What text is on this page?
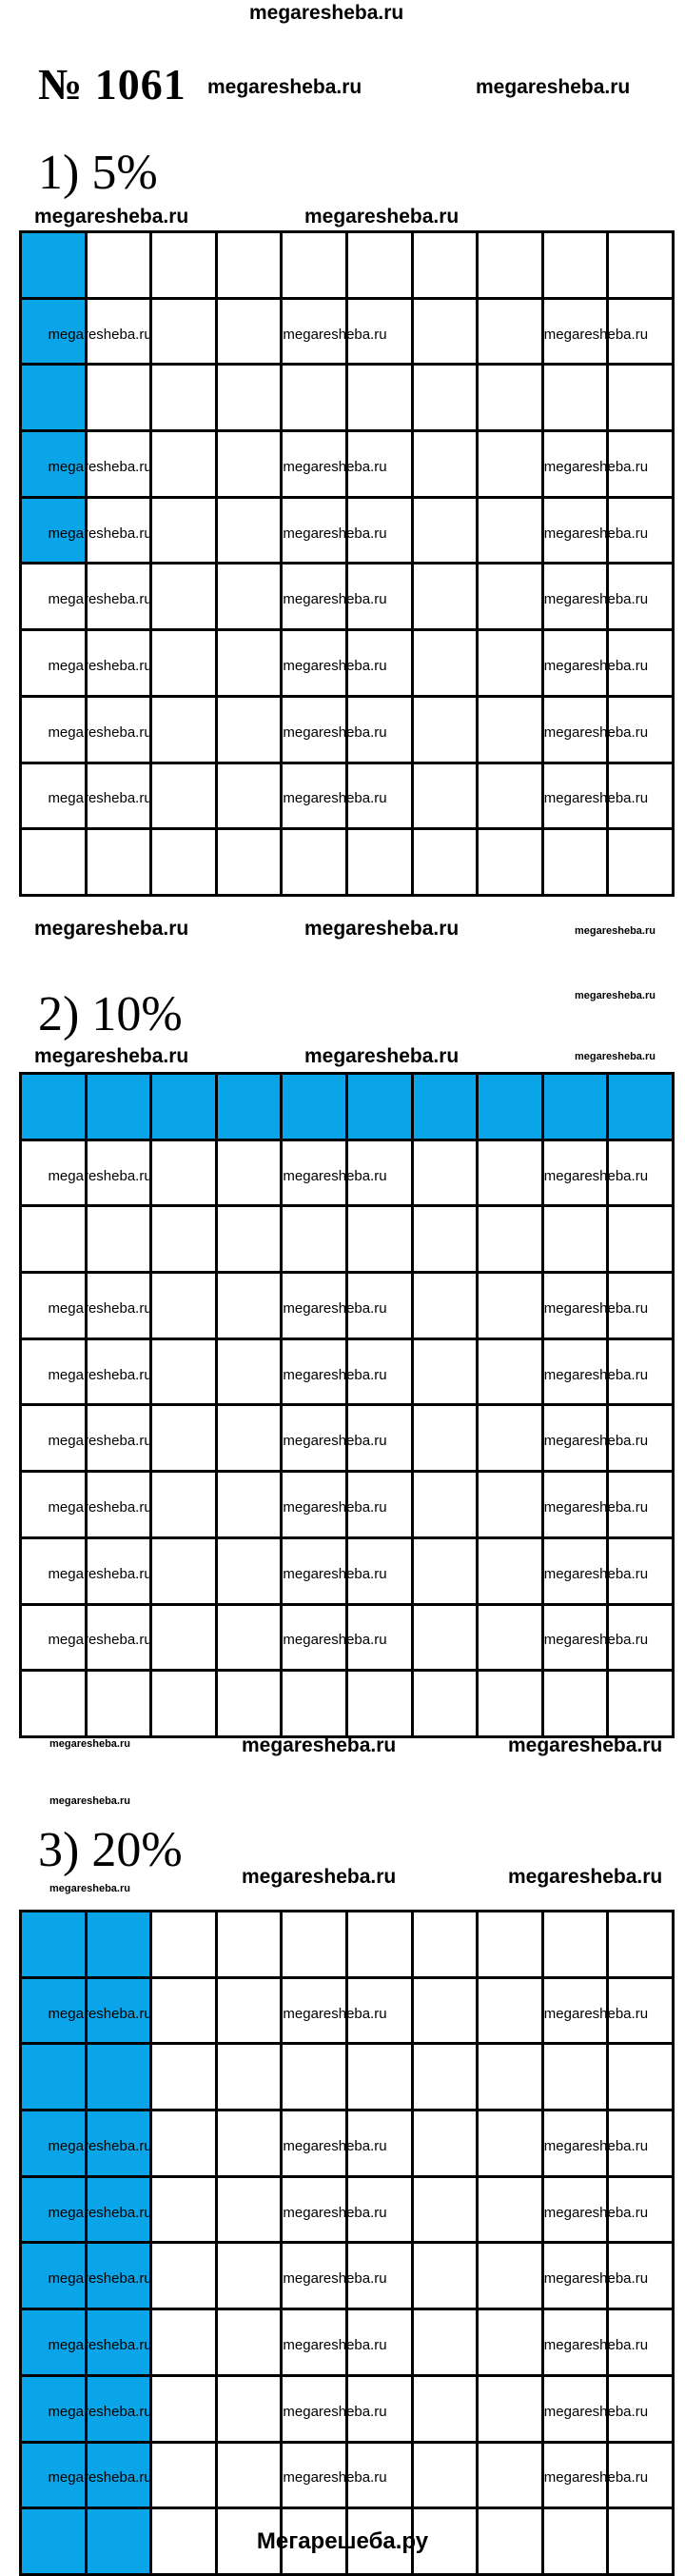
megaresheba.ru
№ 1061 megaresheba.ru	megaresheba.ru
1) 5%
megaresheba.ru	megaresheba.ru
megaresheba.ru	megaresheba.ru	megaresheba.ru
megaresheba.ru	megaresheba.ru	megaresheba.ru
megaresheba.ru	megaresheba.ru	megaresheba.ru
megaresheba.ru	megaresheba.ru	megaresheba.ru
megaresheba.ru	megaresheba.ru	megaresheba.ru
megaresheba.ru	megaresheba.ru	megaresheba.ru
megaresheba.ru	megaresheba.ru	megaresheba.ru
megaresheba.ru	megaresheba.ru	megaresheba.ru
megaresheba.ru
2) 10%
megaresheba.ru	megaresheba.ru	megaresheba.ru
megaresheba.ru	megaresheba.ru	megaresheba.ru
megaresheba.ru	megaresheba.ru	megaresheba.ru
megaresheba.ru	megaresheba.ru	megaresheba.ru
megaresheba.ru	megaresheba.ru	megaresheba.ru
megaresheba.ru	megaresheba.ru	megaresheba.ru
megaresheba.ru	megaresheba.ru	megaresheba.ru
megaresheba.ru	megaresheba.ru	megaresheba.ru
megaresheba.ru	megaresheba.ru	megaresheba.ru
megaresheba.ru
3) 20%
megaresheba.ru
megaresheba.ru	megaresheba.ru
megaresheba.ru	megaresheba.ru	megaresheba.ru
megaresheba.ru	megaresheba.ru	megaresheba.ru
megaresheba.ru	megaresheba.ru	megaresheba.ru
megaresheba.ru	megaresheba.ru	megaresheba.ru
megaresheba.ru	megaresheba.ru	megaresheba.ru
megaresheba.ru	megaresheba.ru	megaresheba.ru
megaresheba.ru	megaresheba.ru	megaresheba.ru
Мегарешеба.ру
